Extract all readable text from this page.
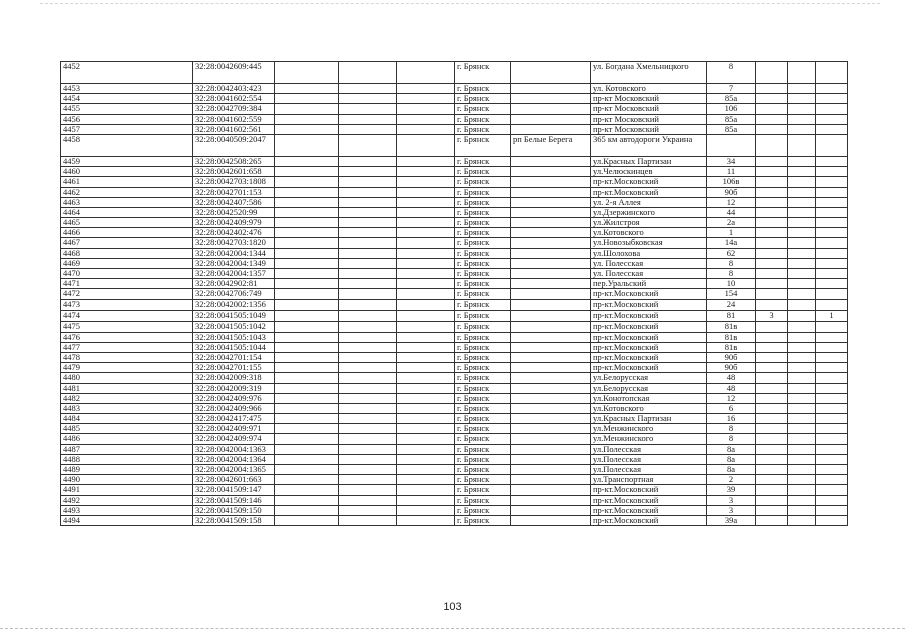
4452	32:28:0042609:445				г. Брянск		ул. Богдана Хмельницкого	8			
4453	32:28:0042403:423				г. Брянск		ул. Котовского	7			
4454	32:28:0041602:554				г. Брянск		пр-кт Московский	85а			
4455	32:28:0042709:384				г. Брянск		пр-кт Московский	106			
4456	32:28:0041602:559				г. Брянск		пр-кт Московский	85а			
4457	32:28:0041602:561				г. Брянск		пр-кт Московский	85а			
4458	32:28:0040509:2047				г. Брянск	рп Белые Берега	365 км автодороги Украина				
4459	32:28:0042508:265				г. Брянск		ул.Красных Партизан	34			
4460	32:28:0042601:658				г. Брянск		ул.Челюскинцев	11			
4461	32:28:0042703:1808				г. Брянск		пр-кт.Московский	106в			
4462	32:28:0042701:153				г. Брянск		пр-кт.Московский	90б			
4463	32:28:0042407:586				г. Брянск		ул. 2-я Аллея	12			
4464	32:28:0042520:99				г. Брянск		ул.Дзержинского	44			
4465	32:28:0042409:979				г. Брянск		ул.Жилстроя	2а			
4466	32:28:0042402:476				г. Брянск		ул.Котовского	1			
4467	32:28:0042703:1820				г. Брянск		ул.Новозыбковская	14а			
4468	32:28:0042004:1344				г. Брянск		ул.Шолохова	62			
4469	32:28:0042004:1349				г. Брянск		ул. Полесская	8			
4470	32:28:0042004:1357				г. Брянск		ул. Полесская	8			
4471	32:28:0042902:81				г. Брянск		пер.Уральский	10			
4472	32:28:0042706:749				г. Брянск		пр-кт.Московский	154			
4473	32:28:0042002:1356				г. Брянск		пр-кт.Московский	24			
4474	32:28:0041505:1049				г. Брянск		пр-кт.Московский	81	3		1
4475	32:28:0041505:1042				г. Брянск		пр-кт.Московский	81в			
4476	32:28:0041505:1043				г. Брянск		пр-кт.Московский	81в			
4477	32:28:0041505:1044				г. Брянск		пр-кт.Московский	81в			
4478	32:28:0042701:154				г. Брянск		пр-кт.Московский	90б			
4479	32:28:0042701:155				г. Брянск		пр-кт.Московский	90б			
4480	32:28:0042009:318				г. Брянск		ул.Белорусская	48			
4481	32:28:0042009:319				г. Брянск		ул.Белорусская	48			
4482	32:28:0042409:976				г. Брянск		ул.Конотопская	12			
4483	32:28:0042409:966				г. Брянск		ул.Котовского	6			
4484	32:28:0042417:475				г. Брянск		ул.Красных Партизан	16			
4485	32:28:0042409:971				г. Брянск		ул.Менжинского	8			
4486	32:28:0042409:974				г. Брянск		ул.Менжинского	8			
4487	32:28:0042004:1363				г. Брянск		ул.Полесская	8а			
4488	32:28:0042004:1364				г. Брянск		ул.Полесская	8а			
4489	32:28:0042004:1365				г. Брянск		ул.Полесская	8а			
4490	32:28:0042601:663				г. Брянск		ул.Транспортная	2			
4491	32:28:0041509:147				г. Брянск		пр-кт.Московский	39			
4492	32:28:0041509:146				г. Брянск		пр-кт.Московский	3			
4493	32:28:0041509:150				г. Брянск		пр-кт.Московский	3			
4494	32:28:0041509:158				г. Брянск		пр-кт.Московский	39а			
103
